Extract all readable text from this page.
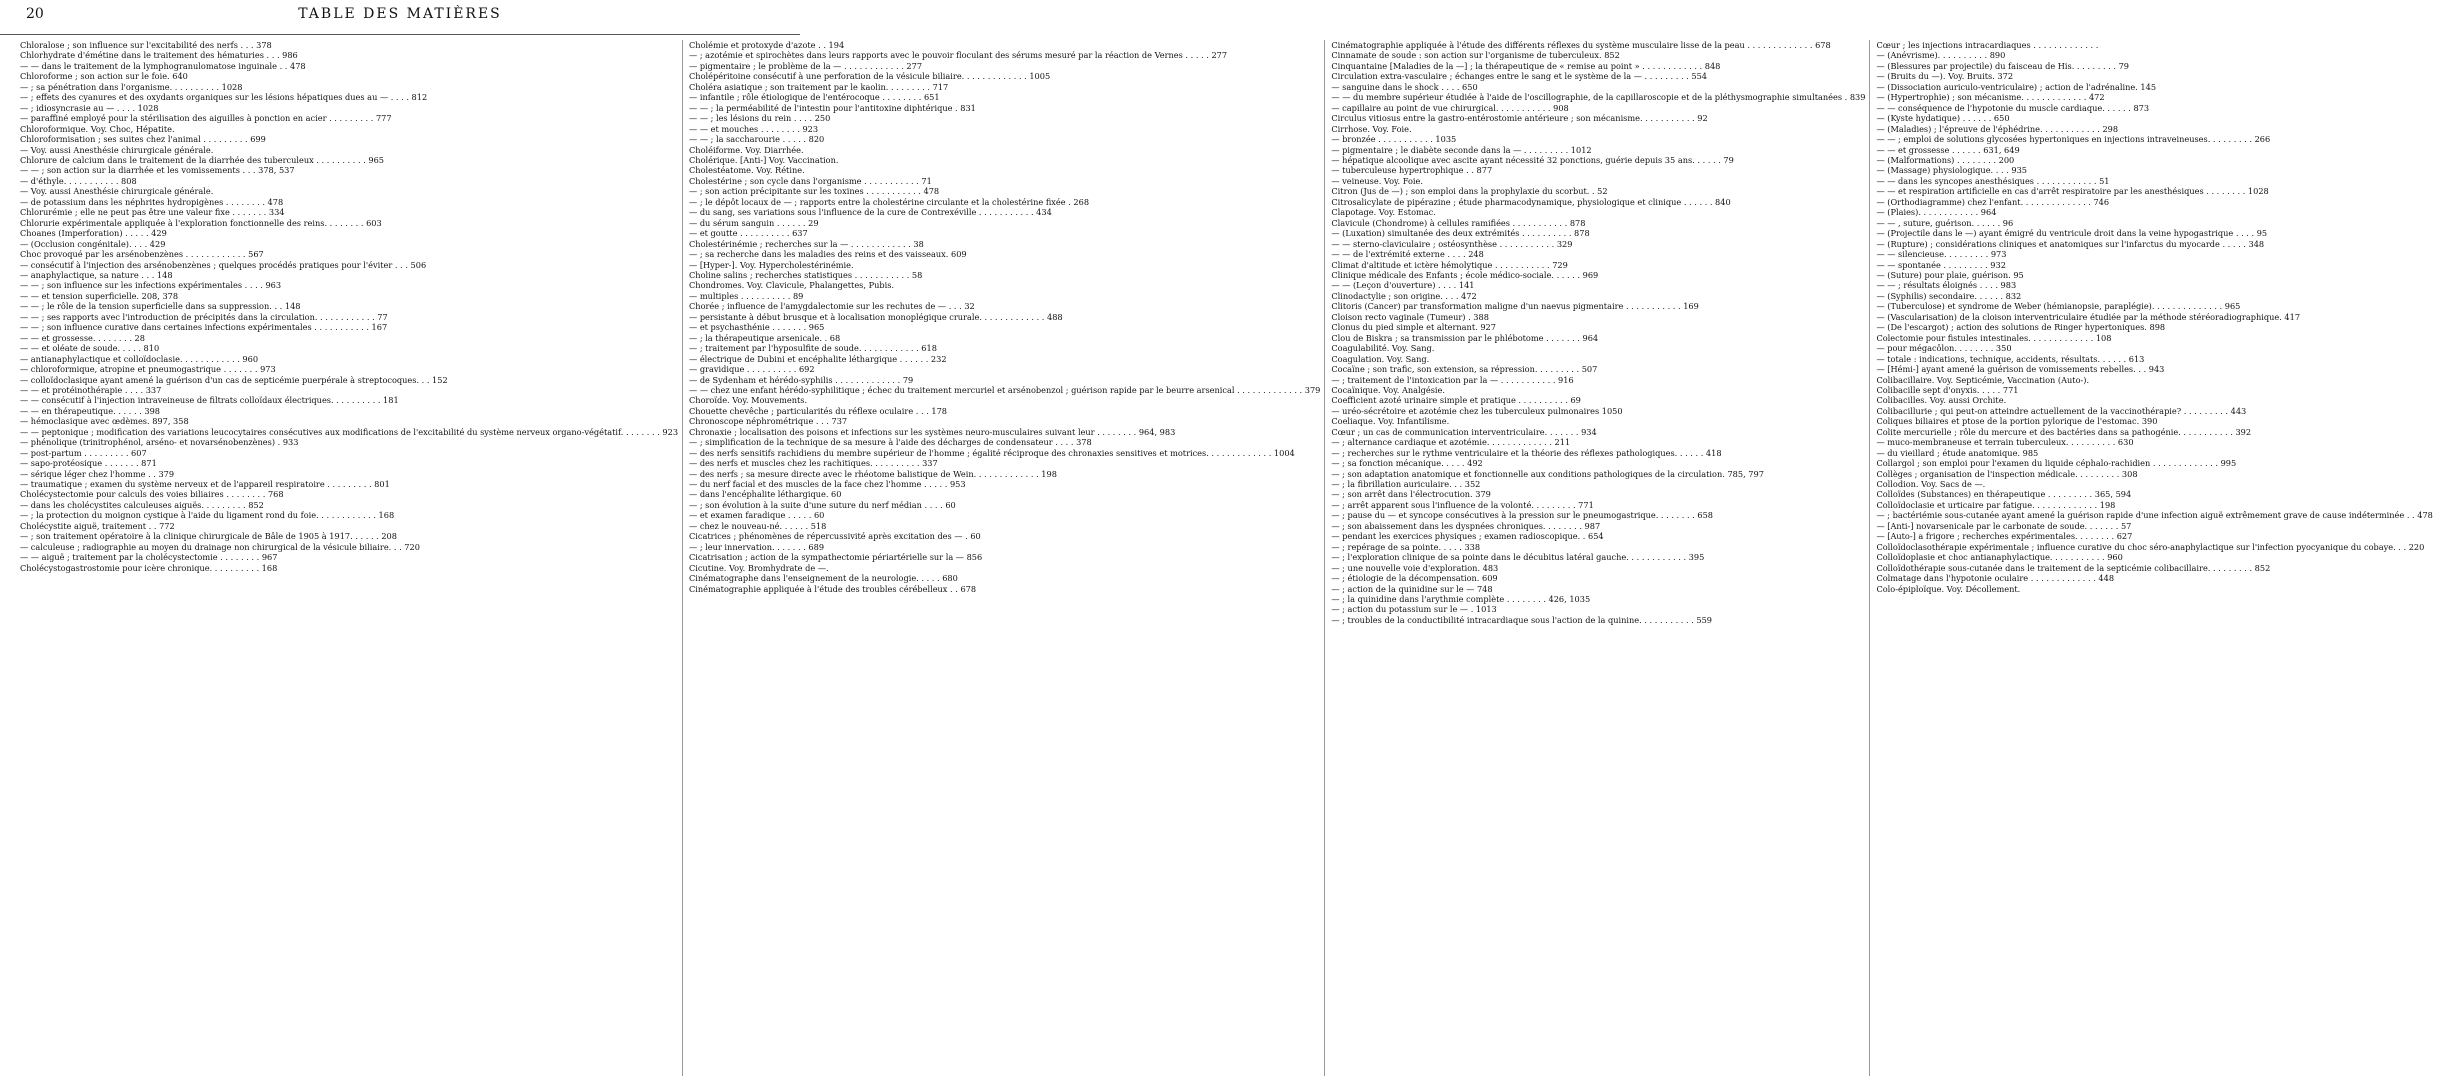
20	TABLE DES MATIÈRES

Chloralose ; son influence sur l'excitabilité des nerfs . . . 378

Chlorhydrate d'émétine dans le traitement des hématuries . . . 986

— — dans le traitement de la lymphogranulomatose inguinale . . 478

Chloroforme ; son action sur le foie. 640

— ; sa pénétration dans l'organisme. . . . . . . . . . 1028

— ; effets des cyanures et des oxydants organiques sur les lésions hépatiques dues au — . . . . 812

— ; idiosyncrasie au — . . . . 1028

— paraffiné employé pour la stérilisation des aiguilles à ponction en acier . . . . . . . . . 777

Chloroformique. Voy. Choc, Hépatite.

Chloroformisation ; ses suites chez l'animal . . . . . . . . . 699

— Voy. aussi Anesthésie chirurgicale générale.

Chlorure de calcium dans le traitement de la diarrhée des tuberculeux . . . . . . . . . . 965

— — ; son action sur la diarrhée et les vomissements . . . 378, 537

— d'éthyle. . . . . . . . . . . 808

— Voy. aussi Anesthésie chirurgicale générale.

— de potassium dans les néphrites hydropigènes . . . . . . . . 478

Chlorurémie ; elle ne peut pas être une valeur fixe . . . . . . . 334

Chlorurie expérimentale appliquée à l'exploration fonctionnelle des reins. . . . . . . . 603

Choanes (Imperforation) . . . . . 429

— (Occlusion congénitale). . . . 429

Choc provoqué par les arsénobenzènes . . . . . . . . . . . . 567

— consécutif à l'injection des arsénobenzènes ; quelques procédés pratiques pour l'éviter . . . 506

— anaphylactique, sa nature . . . 148

— — ; son influence sur les infections expérimentales . . . . 963

— — et tension superficielle. 208, 378

— — ; le rôle de la tension superficielle dans sa suppression. . . 148

— — ; ses rapports avec l'introduction de précipités dans la circulation. . . . . . . . . . . . 77

— — ; son influence curative dans certaines infections expérimentales . . . . . . . . . . . 167

— — et grossesse. . . . . . . . 28

— — et oléate de soude. . . . . 810

— antianaphylactique et colloïdoclasie. . . . . . . . . . . . 960

— chloroformique, atropine et pneumogastrique . . . . . . . 973

— colloïdoclasique ayant amené la guérison d'un cas de septicémie puerpérale à streptocoques. . . 152

— — et protéinothérapie . . . . 337

— — consécutif à l'injection intraveineuse de filtrats colloïdaux électriques. . . . . . . . . . 181

— — en thérapeutique. . . . . . 398

— hémoclasique avec œdèmes. 897, 358

— — peptonique ; modification des variations leucocytaires consécutives aux modifications de l'excitabilité du système nerveux organo-végétatif. . . . . . . . 923

— phénolique (trinitrophénol, arséno- et novarsénobenzènes) . 933

— post-partum . . . . . . . . . 607

— sapo-protéosique . . . . . . . 871

— sérique léger chez l'homme . . 379

— traumatique ; examen du système nerveux et de l'appareil respiratoire . . . . . . . . . 801

Cholécystectomie pour calculs des voies biliaires . . . . . . . . 768

— dans les cholécystites calculeuses aiguës. . . . . . . . . 852

— ; la protection du moignon cystique à l'aide du ligament rond du foie. . . . . . . . . . . . 168

Cholécystite aiguë, traitement . . 772

— ; son traitement opératoire à la clinique chirurgicale de Bâle de 1905 à 1917. . . . . . 208

— calculeuse ; radiographie au moyen du drainage non chirurgical de la vésicule biliaire. . . 720

— — aiguë ; traitement par la cholécystectomie . . . . . . . . 967

Cholécystogastrostomie pour icère chronique. . . . . . . . . . 168

Cholémie et protoxyde d'azote . . 194

— ; azotémie et spirochètes dans leurs rapports avec le pouvoir floculant des sérums mesuré par la réaction de Vernes . . . . . 277

— pigmentaire ; le problème de la — . . . . . . . . . . . . 277

Cholépéritoine consécutif à une perforation de la vésicule biliaire. . . . . . . . . . . . . 1005

Choléra asiatique ; son traitement par le kaolin. . . . . . . . . 717

— infantile ; rôle étiologique de l'entérocoque . . . . . . . . 651

— — ; la perméabilité de l'intestin pour l'antitoxine diphtérique . 831

— — ; les lésions du rein . . . . 250

— — et mouches . . . . . . . . 923

— — ; la saccharourie . . . . . 820

Choléiforme. Voy. Diarrhée.

Cholérique. [Anti-] Voy. Vaccination.

Cholestéatome. Voy. Rétine.

Cholestérine ; son cycle dans l'organisme . . . . . . . . . . . 71

— ; son action précipitante sur les toxines . . . . . . . . . . . 478

— ; le dépôt locaux de — ; rapports entre la cholestérine circulante et la cholestérine fixée . 268

— du sang, ses variations sous l'influence de la cure de Contrexéville . . . . . . . . . . . 434

— du sérum sanguin . . . . . . 29

— et goutte . . . . . . . . . . 637

Cholestérinémie ; recherches sur la — . . . . . . . . . . . . 38

— ; sa recherche dans les maladies des reins et des vaisseaux. 609

— [Hyper-]. Voy. Hypercholestérinémie.

Choline salins ; recherches statistiques . . . . . . . . . . . 58

Chondromes. Voy. Clavicule, Phalangettes, Pubis.

— multiples . . . . . . . . . . 89

Chorée ; influence de l'amygdalectomie sur les rechutes de — . . . 32

— persistante à début brusque et à localisation monoplégique crurale. . . . . . . . . . . . . 488

— et psychasthénie . . . . . . . 965

— ; la thérapeutique arsenicale. . 68

— ; traitement par l'hyposulfite de soude. . . . . . . . . . . . 618

— électrique de Dubini et encéphalite léthargique . . . . . . 232

— gravidique . . . . . . . . . . 692

— de Sydenham et hérédo-syphilis . . . . . . . . . . . . . 79

— — chez une enfant hérédo-syphilitique ; échec du traitement mercuriel et arsénobenzol ; guérison rapide par le beurre arsenical . . . . . . . . . . . . . 379

Choroïde. Voy. Mouvements.

Chouette chevêche ; particularités du réflexe oculaire . . . 178

Chronoscope néphrométrique . . . 737

Chronaxie ; localisation des poisons et infections sur les systèmes neuro-musculaires suivant leur . . . . . . . . 964, 983

— ; simplification de la technique de sa mesure à l'aide des décharges de condensateur . . . . 378

— des nerfs sensitifs rachidiens du membre supérieur de l'homme ; égalité réciproque des chronaxies sensitives et motrices. . . . . . . . . . . . . 1004

— des nerfs et muscles chez les rachitiques. . . . . . . . . . 337

— des nerfs ; sa mesure directe avec le rhéotome balistique de Wein. . . . . . . . . . . . . 198

— du nerf facial et des muscles de la face chez l'homme . . . . . 953

— dans l'encéphalite léthargique. 60

— ; son évolution à la suite d'une suture du nerf médian . . . . 60

— et examen faradique . . . . . 60

— chez le nouveau-né. . . . . . 518

Cicatrices ; phénomènes de répercussivité après excitation des — . 60

— ; leur innervation. . . . . . . 689

Cicatrisation ; action de la sympathectomie périartérielle sur la — 856

Cicutine. Voy. Bromhydrate de —.

Cinématographe dans l'enseignement de la neurologie. . . . . 680

Cinématographie appliquée à l'étude des troubles cérébelleux . . 678

Cinématographie appliquée à l'étude des différents réflexes du système musculaire lisse de la peau . . . . . . . . . . . . . 678

Cinnamate de soude : son action sur l'organisme de tuberculeux. 852

Cinquantaine [Maladies de la —] ; la thérapeutique de « remise au point » . . . . . . . . . . . . 848

Circulation extra-vasculaire ; échanges entre le sang et le système de la — . . . . . . . . . 554

— sanguine dans le shock . . . . 650

— — du membre supérieur étudiée à l'aide de l'oscillographie, de la capillaroscopie et de la pléthysmographie simultanées . 839

— capillaire au point de vue chirurgical. . . . . . . . . . . 908

Circulus vitiosus entre la gastro-entérostomie antérieure ; son mécanisme. . . . . . . . . . . 92

Cirrhose. Voy. Foie.

— bronzée . . . . . . . . . . . 1035

— pigmentaire ; le diabète seconde dans la — . . . . . . . . . 1012

— hépatique alcoolique avec ascite ayant nécessité 32 ponctions, guérie depuis 35 ans. . . . . . 79

— tuberculeuse hypertrophique . . 877

— veineuse. Voy. Foie.

Citron (Jus de —) ; son emploi dans la prophylaxie du scorbut. . 52

Citrosalicylate de pipérazine ; étude pharmacodynamique, physiologique et clinique . . . . . . 840

Clapotage. Voy. Estomac.

Clavicule (Chondrome) à cellules ramifiées . . . . . . . . . . . 878

— (Luxation) simultanée des deux extrémités . . . . . . . . . . 878

— — sterno-claviculaire ; ostéosynthèse . . . . . . . . . . . 329

— — de l'extrémité externe . . . . 248

Climat d'altitude et ictère hémolytique . . . . . . . . . . . 729

Clinique médicale des Enfants ; école médico-sociale. . . . . . 969

— — (Leçon d'ouverture) . . . . 141

Clinodactylie ; son origine. . . . 472

Clitoris (Cancer) par transformation maligne d'un naevus pigmentaire . . . . . . . . . . . 169

Cloison recto vaginale (Tumeur) . 388

Clonus du pied simple et alternant. 927

Clou de Biskra ; sa transmission par le phlébotome . . . . . . . 964

Coagulabilité. Voy. Sang.

Coagulation. Voy. Sang.

Cocaïne ; son trafic, son extension, sa répression. . . . . . . . . 507

— ; traitement de l'intoxication par la — . . . . . . . . . . . 916

Cocaïnique. Voy. Analgésie.

Coefficient azoté urinaire simple et pratique . . . . . . . . . . 69

— uréo-sécrétoire et azotémie chez les tuberculeux pulmonaires 1050

Coeliaque. Voy. Infantilisme.

Cœur ; un cas de communication interventriculaire. . . . . . . 934

— ; alternance cardiaque et azotémie. . . . . . . . . . . . . 211

— ; recherches sur le rythme ventriculaire et la théorie des réflexes pathologiques. . . . . . 418

— ; sa fonction mécanique. . . . . 492

— ; son adaptation anatomique et fonctionnelle aux conditions pathologiques de la circulation. 785, 797

— ; la fibrillation auriculaire. . . 352

— ; son arrêt dans l'électrocution. 379

— ; arrêt apparent sous l'influence de la volonté. . . . . . . . . 771

— ; pause du — et syncope consécutives à la pression sur le pneumogastrique. . . . . . . . 658

— ; son abaissement dans les dyspnées chroniques. . . . . . . . 987

— pendant les exercices physiques ; examen radioscopique. . 654

— ; repérage de sa pointe. . . . . 338

— ; l'exploration clinique de sa pointe dans le décubitus latéral gauche. . . . . . . . . . . . 395

— ; une nouvelle voie d'exploration. 483

— ; étiologie de la décompensation. 609

— ; action de la quinidine sur le — 748

— ; la quinidine dans l'arythmie complète . . . . . . . . 426, 1035

— ; action du potassium sur le — . 1013

— ; troubles de la conductibilité intracardiaque sous l'action de la quinine. . . . . . . . . . . 559

Cœur ; les injections intracardiaques . . . . . . . . . . . . .

— (Anévrisme). . . . . . . . . . 890

— (Blessures par projectile) du faisceau de His. . . . . . . . . 79

— (Bruits du —). Voy. Bruits. 372

— (Dissociation auriculo-ventriculaire) ; action de l'adrénaline. 145

— (Hypertrophie) ; son mécanisme. . . . . . . . . . . . . 472

— — conséquence de l'hypotonie du muscle cardiaque. . . . . . 873

— (Kyste hydatique) . . . . . . 650

— (Maladies) ; l'épreuve de l'éphédrine. . . . . . . . . . . . 298

— — ; emploi de solutions glycosées hypertoniques en injections intraveineuses. . . . . . . . . 266

— — et grossesse . . . . . . 631, 649

— (Malformations) . . . . . . . . 200

— (Massage) physiologique. . . . 935

— — dans les syncopes anesthésiques . . . . . . . . . . . . 51

— — et respiration artificielle en cas d'arrêt respiratoire par les anesthésiques . . . . . . . . 1028

— (Orthodiagramme) chez l'enfant. . . . . . . . . . . . . . 746

— (Plaies). . . . . . . . . . . . 964

— — , suture, guérison. . . . . . 96

— (Projectile dans le —) ayant émigré du ventricule droit dans la veine hypogastrique . . . . 95

— (Rupture) ; considérations cliniques et anatomiques sur l'infarctus du myocarde . . . . . 348

— — silencieuse. . . . . . . . . 973

— — spontanée . . . . . . . . . 932

— (Suture) pour plaie, guérison. 95

— — ; résultats éloignés . . . . 983

— (Syphilis) secondaire. . . . . . 832

— (Tuberculose) et syndrome de Weber (hémianopsie, paraplégie). . . . . . . . . . . . . . 965

— (Vascularisation) de la cloison interventriculaire étudiée par la méthode stéréoradiographique. 417

— (De l'escargot) ; action des solutions de Ringer hypertoniques. 898

Colectomie pour fistules intestinales. . . . . . . . . . . . . 108

— pour mégacôlon. . . . . . . . 350

— totale : indications, technique, accidents, résultats. . . . . . 613

— [Hémi-] ayant amené la guérison de vomissements rebelles. . . 943

Colibacillaire. Voy. Septicémie, Vaccination (Auto-).

Colibacille sept d'onyxis. . . . . 771

Colibacilles. Voy. aussi Orchite.

Colibacillurie ; qui peut-on atteindre actuellement de la vaccinothérapie? . . . . . . . . . 443

Coliques biliaires et ptose de la portion pylorique de l'estomac. 390

Colite mercurielle ; rôle du mercure et des bactéries dans sa pathogénie. . . . . . . . . . . 392

— muco-membraneuse et terrain tuberculeux. . . . . . . . . . 630

— du vieillard ; étude anatomique. 985

Collargol ; son emploi pour l'examen du liquide céphalo-rachidien . . . . . . . . . . . . . 995

Collèges ; organisation de l'inspection médicale. . . . . . . . . 308

Collodion. Voy. Sacs de —.

Colloïdes (Substances) en thérapeutique . . . . . . . . . 365, 594

Colloïdoclasie et urticaire par fatigue. . . . . . . . . . . . . 198

— ; bactériémie sous-cutanée ayant amené la guérison rapide d'une infection aiguë extrêmement grave de cause indéterminée . . 478

— [Anti-] novarsenicale par le carbonate de soude. . . . . . . 57

— [Auto-] a frigore ; recherches expérimentales. . . . . . . . 627

Colloïdoclasothérapie expérimentale ; influence curative du choc séro-anaphylactique sur l'infection pyocyanique du cobaye. . . 220

Colloïdoplasie et choc antianaphylactique. . . . . . . . . . . 960

Colloïdothérapie sous-cutanée dans le traitement de la septicémie colibacillaire. . . . . . . . . 852

Colmatage dans l'hypotonie oculaire . . . . . . . . . . . . . 448

Colo-épiploïque. Voy. Décollement.
